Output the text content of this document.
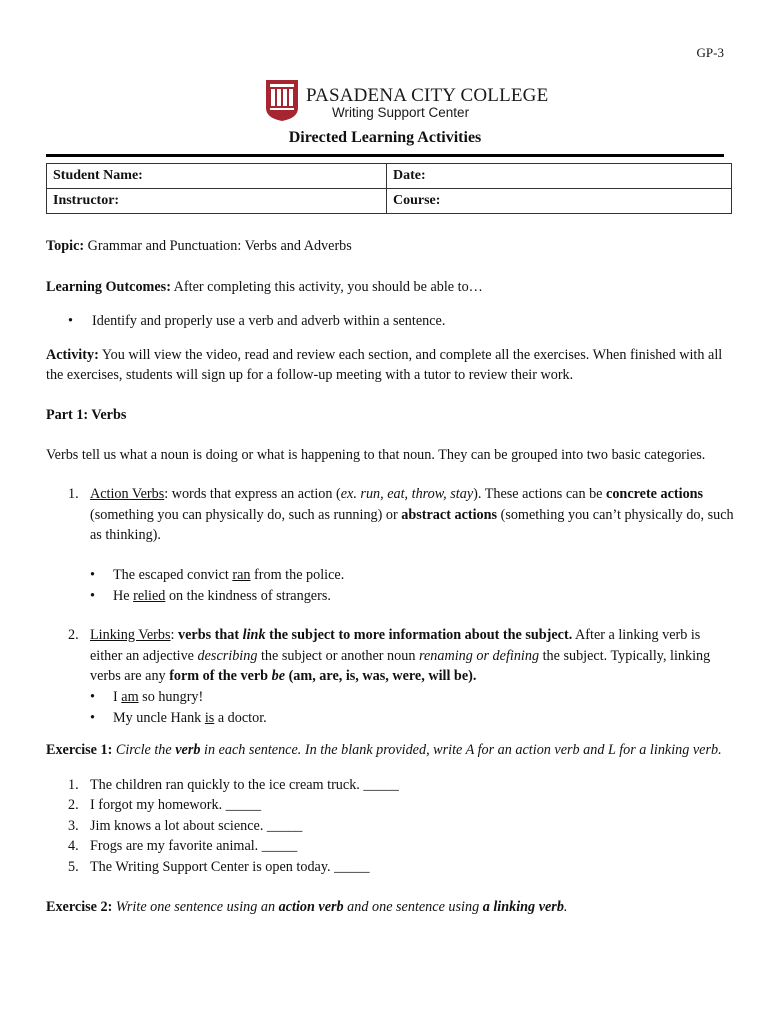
GP-3
PASADENA CITY COLLEGE
Writing Support Center
Directed Learning Activities
Student Name:	Date:
Instructor:	Course:

Topic: Grammar and Punctuation: Verbs and Adverbs

Learning Outcomes: After completing this activity, you should be able to…

• Identify and properly use a verb and adverb within a sentence.

Activity: You will view the video, read and review each section, and complete all the exercises. When finished with all the exercises, students will sign up for a follow-up meeting with a tutor to review their work.

Part 1: Verbs

Verbs tell us what a noun is doing or what is happening to that noun. They can be grouped into two basic categories.

1. Action Verbs: words that express an action (ex. run, eat, throw, stay). These actions can be concrete actions (something you can physically do, such as running) or abstract actions (something you can’t physically do, such as thinking).
• The escaped convict ran from the police.
• He relied on the kindness of strangers.
2. Linking Verbs: verbs that link the subject to more information about the subject. After a linking verb is either an adjective describing the subject or another noun renaming or defining the subject. Typically, linking verbs are any form of the verb be (am, are, is, was, were, will be).
• I am so hungry!
• My uncle Hank is a doctor.

Exercise 1: Circle the verb in each sentence. In the blank provided, write A for an action verb and L for a linking verb.

1. The children ran quickly to the ice cream truck. _____
2. I forgot my homework. _____
3. Jim knows a lot about science. _____
4. Frogs are my favorite animal. _____
5. The Writing Support Center is open today. _____

Exercise 2: Write one sentence using an action verb and one sentence using a linking verb.
